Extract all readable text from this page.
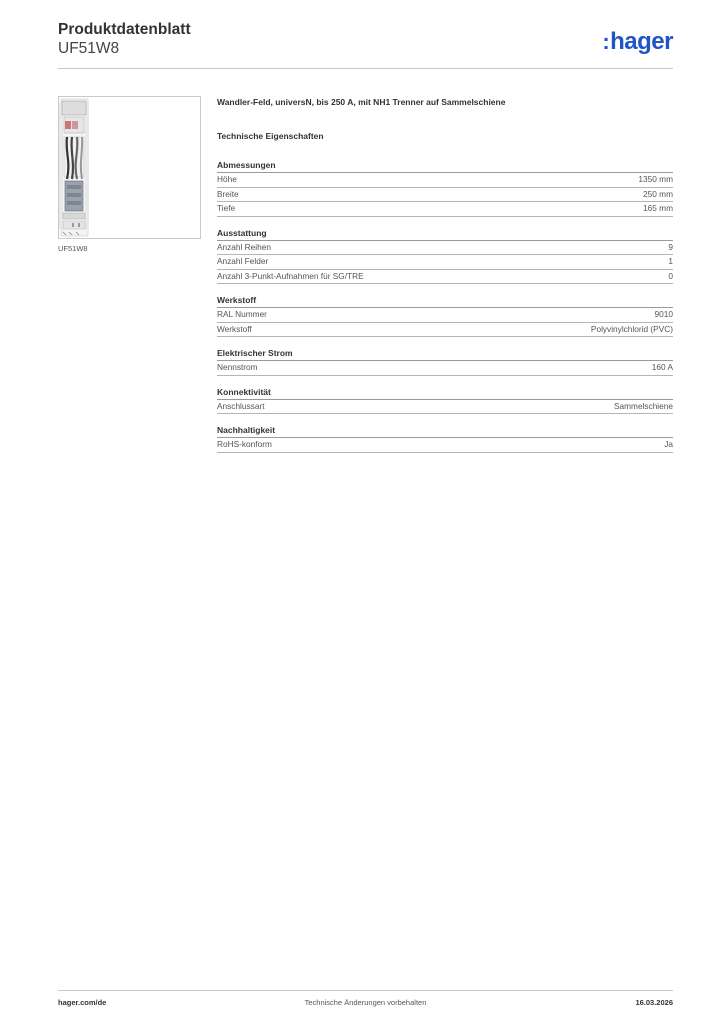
Produktdatenblatt
UF51W8	:hager
UF51W8
Wandler-Feld, universN, bis 250 A, mit NH1 Trenner auf Sammelschiene
Technische Eigenschaften
Abmessungen
Höhe	1350 mm
Breite	250 mm
Tiefe	165 mm
Ausstattung
Anzahl Reihen	9
Anzahl Felder	1
Anzahl 3-Punkt-Aufnahmen für SG/TRE	0
Werkstoff
RAL Nummer	9010
Werkstoff	Polyvinylchlorid (PVC)
Elektrischer Strom
Nennstrom	160 A
Konnektivität
Anschlussart	Sammelschiene
Nachhaltigkeit
RoHS-konform	Ja
hager.com/de	Technische Änderungen vorbehalten	16.03.2026
